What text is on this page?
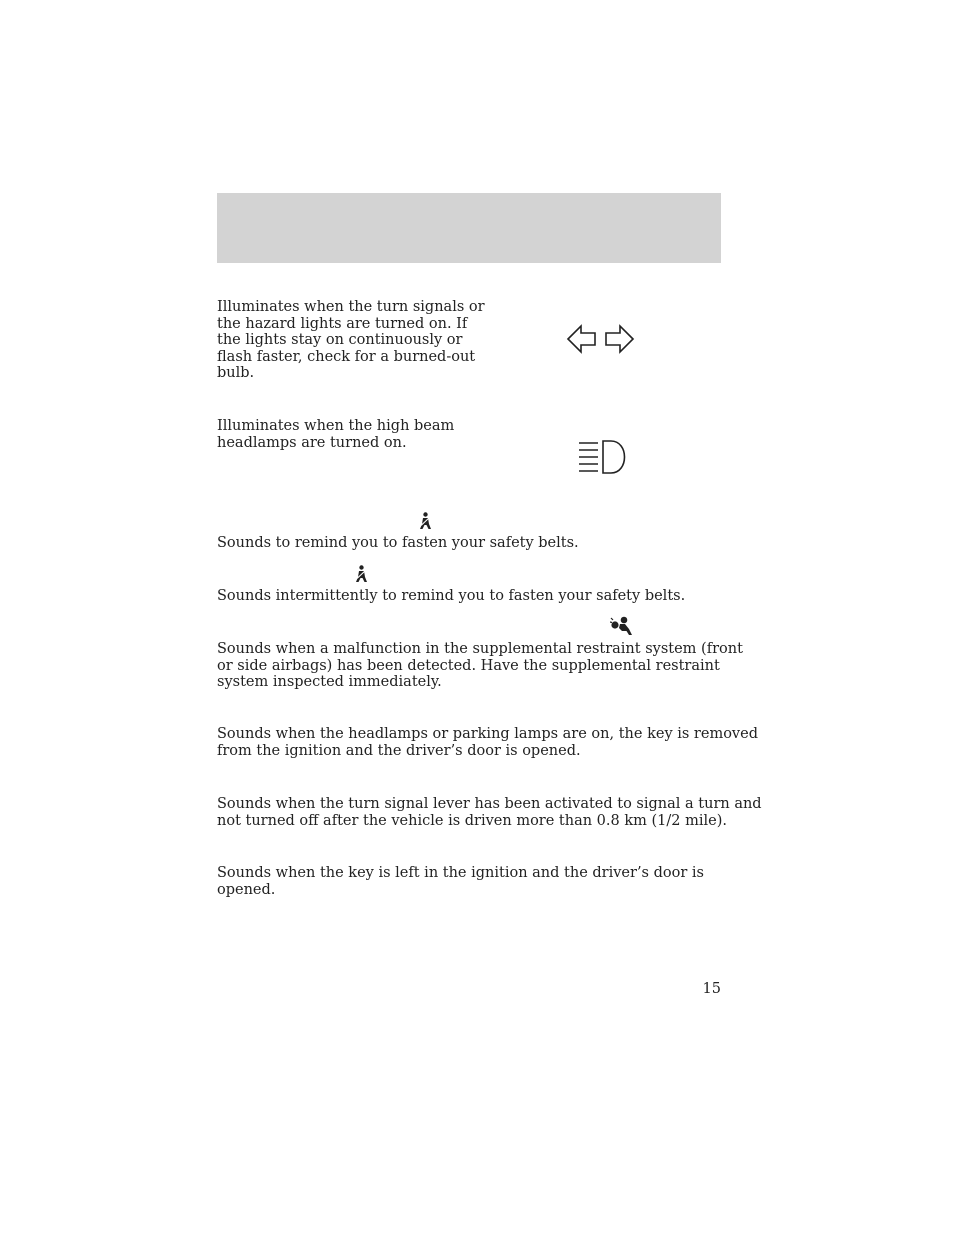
Illuminates when the turn signals or
the hazard lights are turned on. If
the lights stay on continuously or
flash faster, check for a burned-out
bulb.

Illuminates when the high beam
headlamps are turned on.

Sounds to remind you to fasten your safety belts.

Sounds intermittently to remind you to fasten your safety belts.

Sounds when a malfunction in the supplemental restraint system (front
or side airbags) has been detected. Have the supplemental restraint
system inspected immediately.

Sounds when the headlamps or parking lamps are on, the key is removed
from the ignition and the driver’s door is opened.

Sounds when the turn signal lever has been activated to signal a turn and
not turned off after the vehicle is driven more than 0.8 km (1/2 mile).

Sounds when the key is left in the ignition and the driver’s door is
opened.

15
